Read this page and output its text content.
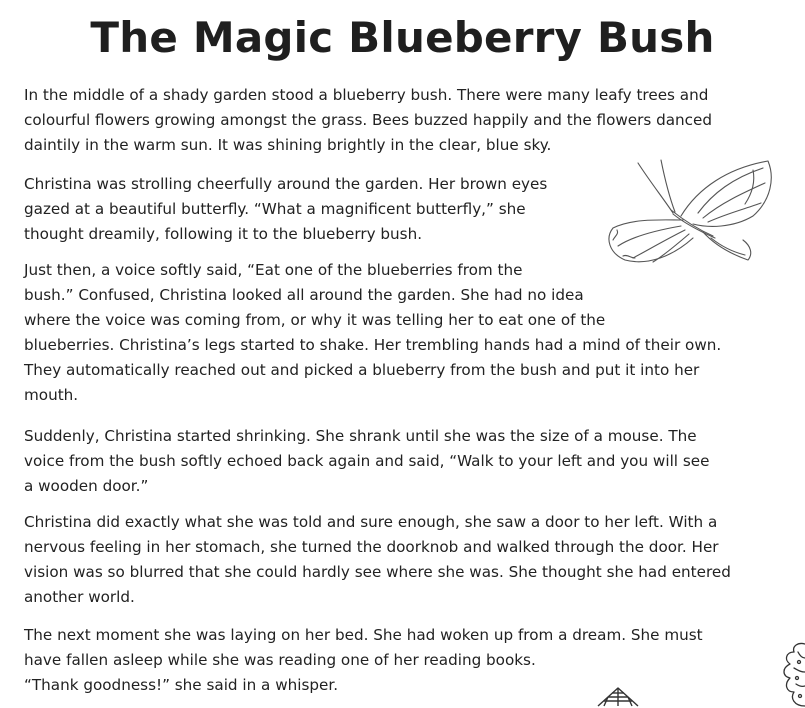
The Magic Blueberry Bush

In the middle of a shady garden stood a blueberry bush. There were many leafy trees and
colourful flowers growing amongst the grass. Bees buzzed happily and the flowers danced
daintily in the warm sun. It was shining brightly in the clear, blue sky.

Christina was strolling cheerfully around the garden. Her brown eyes
gazed at a beautiful butterfly. “What a magnificent butterfly,” she
thought dreamily, following it to the blueberry bush.

Just then, a voice softly said, “Eat one of the blueberries from the
bush.” Confused, Christina looked all around the garden. She had no idea

where the voice was coming from, or why it was telling her to eat one of the
blueberries. Christina’s legs started to shake. Her trembling hands had a mind of their own.
They automatically reached out and picked a blueberry from the bush and put it into her
mouth.

Suddenly, Christina started shrinking. She shrank until she was the size of a mouse. The
voice from the bush softly echoed back again and said, “Walk to your left and you will see
a wooden door.”

Christina did exactly what she was told and sure enough, she saw a door to her left. With a
nervous feeling in her stomach, she turned the doorknob and walked through the door. Her
vision was so blurred that she could hardly see where she was. She thought she had entered
another world.

The next moment she was laying on her bed. She had woken up from a dream. She must
have fallen asleep while she was reading one of her reading books.
“Thank goodness!” she said in a whisper.
